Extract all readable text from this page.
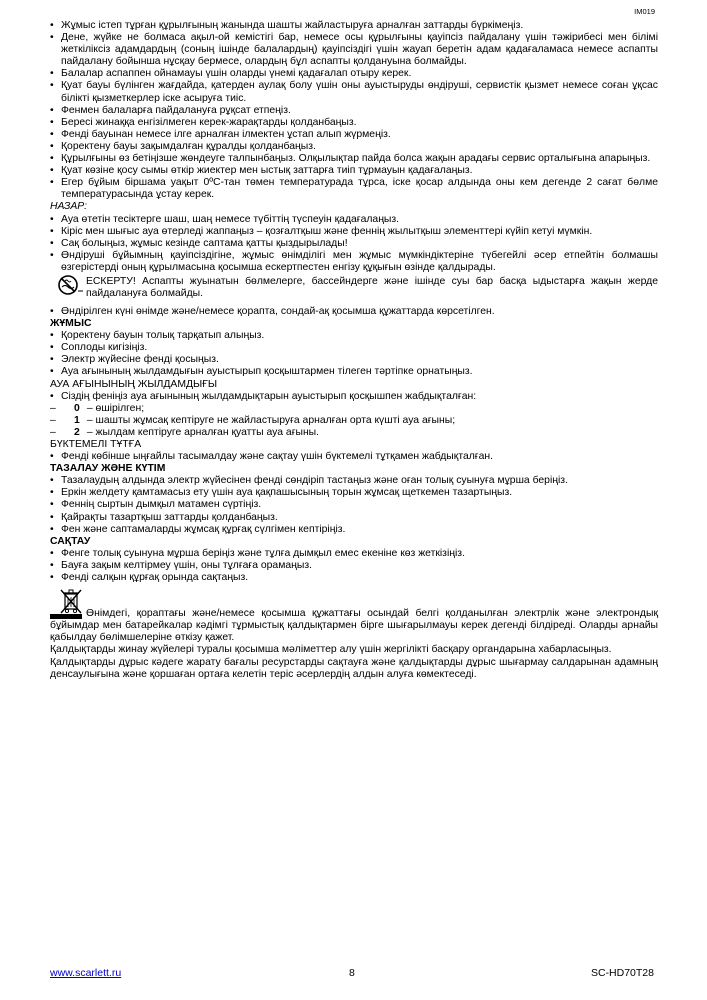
IM019
• Жұмыс істеп тұрған құрылғының жанында шашты жайластыруға арналған заттарды бүркімеңіз.
• Дене, жүйке не болмаса ақыл-ой кемістігі бар, немесе осы құрылғыны қауіпсіз пайдалану үшін тәжірибесі мен білімі жеткіліксіз адамдардың (соның ішінде балалардың) қауіпсіздігі үшін жауап беретін адам қадағаламаса немесе аспапты пайдалану бойынша нұсқау бермесе, олардың бұл аспапты қолдануына болмайды.
• Балалар аспаппен ойнамауы үшін оларды үнемі қадағалап отыру керек.
• Қуат бауы бүлінген жағдайда, қатерден аулақ болу үшін оны ауыстыруды өндіруші, сервистік қызмет немесе соған ұқсас білікті қызметкерлер іске асыруға тиіс.
• Фенмен балаларға пайдалануға рұқсат етпеңіз.
• Бересі жинаққа енгізілмеген керек-жарақтарды қолданбаңыз.
• Фенді бауынан немесе ілге арналған ілмектен ұстап алып жүрмеңіз.
• Қоректену бауы зақымдалған құралды қолданбаңыз.
• Құрылғыны өз бетіңізше жөндеуге талпынбаңыз. Олқылықтар пайда болса жақын арадағы сервис орталығына апарыңыз.
• Қуат көзіне қосу сымы өткір жиектер мен ыстық заттарға тиіп тұрмауын қадағалаңыз.
• Егер бұйым біршама уақыт 0ºС-тан төмен температурада тұрса, іске қосар алдында оны кем дегенде 2 сағат бөлме температурасында ұстау керек.

НАЗАР:

• Ауа өтетін тесіктерге шаш, шаң немесе түбіттің түспеуін қадағалаңыз.
• Кіріс мен шығыс ауа өтерледі жаппаңыз – қозғалтқыш және феннің жылытқыш элементтері күйіп кетуі мүмкін.
• Сақ болыңыз, жұмыс кезінде саптама қатты қыздырылады!
• Өндіруші бұйымның қауіпсіздігіне, жұмыс өнімділігі мен жұмыс мүмкіндіктеріне түбегейлі әсер етпейтін болмашы өзгерістерді оның құрылмасына қосымша ескертпестен енгізу құқығын өзінде қалдырады.

ЕСКЕРТУ! Аспапты жуынатын бөлмелерге, бассейндерге және ішінде суы бар басқа ыдыстарға жақын жерде пайдалануға болмайды.

• Өндірілген күні өнімде және/немесе қорапта, сондай-ақ қосымша құжаттарда көрсетілген.

ЖҰМЫС

• Қоректену бауын толық тарқатып алыңыз.
• Соплоды кигізіңіз.
• Электр жүйесіне фенді қосыңыз.
• Ауа ағынының жылдамдығын ауыстырып қосқыштармен тілеген тәртіпке орнатыңыз.

АУА АҒЫНЫНЫҢ ЖЫЛДАМДЫҒЫ

• Сіздің феніңіз ауа ағынының жылдамдықтарын ауыстырып қосқышпен жабдықталған:
– 0 – өшірілген;
– 1 – шашты жұмсақ кептіруге не жайластыруға арналған орта күшті ауа ағыны;
– 2 – жылдам кептіруге арналған қуатты ауа ағыны.

БҮКТЕМЕЛІ ТҰТҒА

• Фенді көбінше ыңғайлы тасымалдау және сақтау үшін бүктемелі тұтқамен жабдықталған.

ТАЗАЛАУ ЖӘНЕ КҮТІМ

• Тазалаудың алдында электр жүйесінен фенді сөндіріп тастаңыз және оған толық суынуға мұрша беріңіз.
• Еркін желдету қамтамасыз ету үшін ауа қақпашысының торын жұмсақ щеткемен тазартыңыз.
• Феннің сыртын дымқыл матамен сүртіңіз.
• Қайрақты тазартқыш заттарды қолданбаңыз.
• Фен және саптамаларды жұмсақ құрғақ сүлгімен кептіріңіз.

САҚТАУ

• Фенге толық суынуна мұрша беріңіз және тұлға дымқыл емес екеніне көз жеткізіңіз.
• Бауға зақым келтірмеу үшін, оны тұлғаға орамаңыз.
• Фенді салқын құрғақ орында сақтаңыз.

Өнімдегі, қорaптағы және/немесе қосымша құжаттағы осындай белгі қолданылған электрлік және электрондық бұйымдар мен батарейкалар кәдімгі тұрмыстық қалдықтармен бірге шығарылмауы керек дегенді білдіреді. Оларды арнайы қабылдау бөлімшелеріне өткізу қажет.

Қалдықтарды жинау жүйелері туралы қосымша мәліметтер алу үшін жергілікті басқару органдарына хабарласыңыз.

Қалдықтарды дұрыс кәдеге жарату бағалы ресурстарды сақтауға және қалдықтарды дұрыс шығармау салдарынан адамның денсаулығына және қоршаған ортаға келетін теріс әсерлердің алдын алуға көмектеседі.

www.scarlett.ru	8	SC-HD70T28
